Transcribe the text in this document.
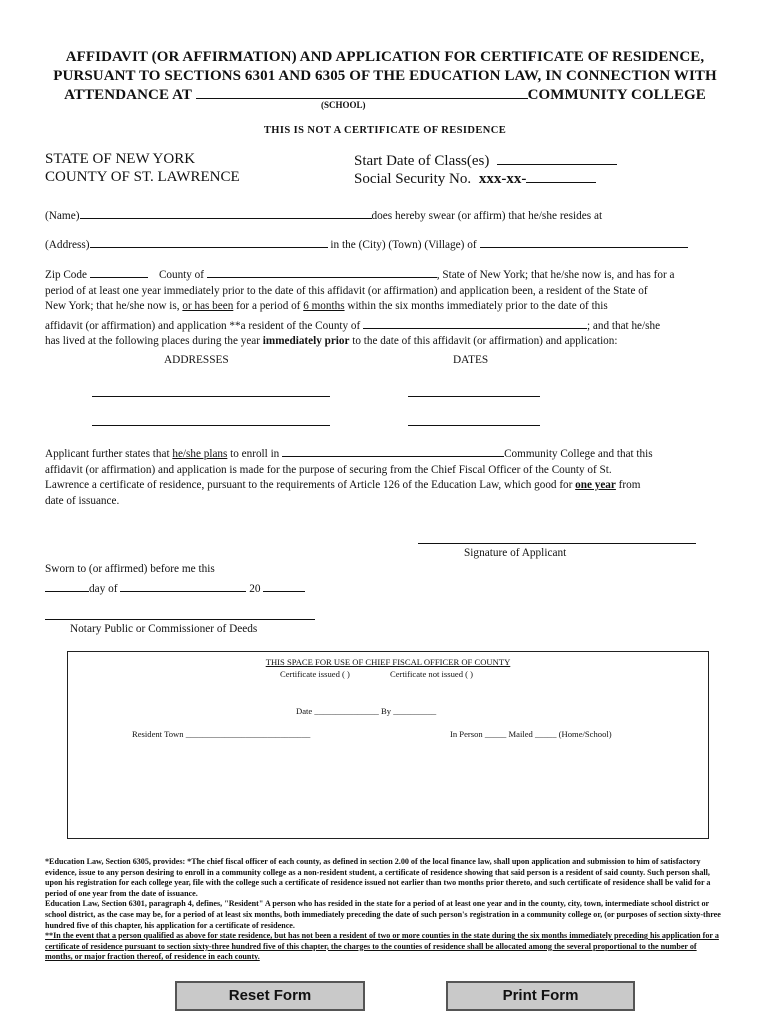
AFFIDAVIT (OR AFFIRMATION) AND APPLICATION FOR CERTIFICATE OF RESIDENCE,
PURSUANT TO SECTIONS 6301 AND 6305 OF THE EDUCATION LAW, IN CONNECTION WITH
ATTENDANCE AT	COMMUNITY COLLEGE
(SCHOOL)
THIS IS NOT A CERTIFICATE OF RESIDENCE
STATE OF NEW YORK
COUNTY OF ST. LAWRENCE
Start Date of Class(es)
Social Security No. xxx-xx-
(Name)	does hereby swear (or affirm) that he/she resides at
(Address)	in the (City) (Town) (Village) of
Zip Code	County of	, State of New York; that he/she now is, and has for a
period of at least one year immediately prior to the date of this affidavit (or affirmation) and application been, a resident of the State of
New York; that he/she now is, or has been for a period of 6 months within the six months immediately prior to the date of this
affidavit (or affirmation) and application **a resident of the County of	; and that he/she
has lived at the following places during the year immediately prior to the date of this affidavit (or affirmation) and application:
ADDRESSES	DATES
Applicant further states that he/she plans to enroll in	Community College and that this
affidavit (or affirmation) and application is made for the purpose of securing from the Chief Fiscal Officer of the County of St.
Lawrence a certificate of residence, pursuant to the requirements of Article 126 of the Education Law, which good for one year from
date of issuance.
Signature of Applicant
Sworn to (or affirmed) before me this
day of	20
Notary Public or Commissioner of Deeds
THIS SPACE FOR USE OF CHIEF FISCAL OFFICER OF COUNTY
Certificate issued ( )	Certificate not issued ( )
Date _______________ By __________
Resident Town _____________________________	In Person _____ Mailed _____ (Home/School)
*Education Law, Section 6305, provides: *The chief fiscal officer of each county, as defined in section 2.00 of the local finance law, shall upon application and submission to him of satisfactory evidence, issue to any person desiring to enroll in a community college as a non-resident student, a certificate of residence showing that said person is a resident of said county. Such person shall, upon his registration for each college year, file with the college such a certificate of residence issued not earlier than two months prior thereto, and such certificate of residence shall be valid for a period of one year from the date of issuance.
Education Law, Section 6301, paragraph 4, defines, "Resident" A person who has resided in the state for a period of at least one year and in the county, city, town, intermediate school district or school district, as the case may be, for a period of at least six months, both immediately preceding the date of such person's registration in a community college or, (or purposes of section sixty-three hundred five of this chapter, his application for a certificate of residence.
**In the event that a person qualified as above for state residence, but has not been a resident of two or more counties in the state during the six months immediately preceding his application for a certificate of residence pursuant to section sixty-three hundred five of this chapter, the charges to the counties of residence shall be allocated among the several proportional to the number of months, or major fraction thereof, of residence in each county.
Reset Form	Print Form
